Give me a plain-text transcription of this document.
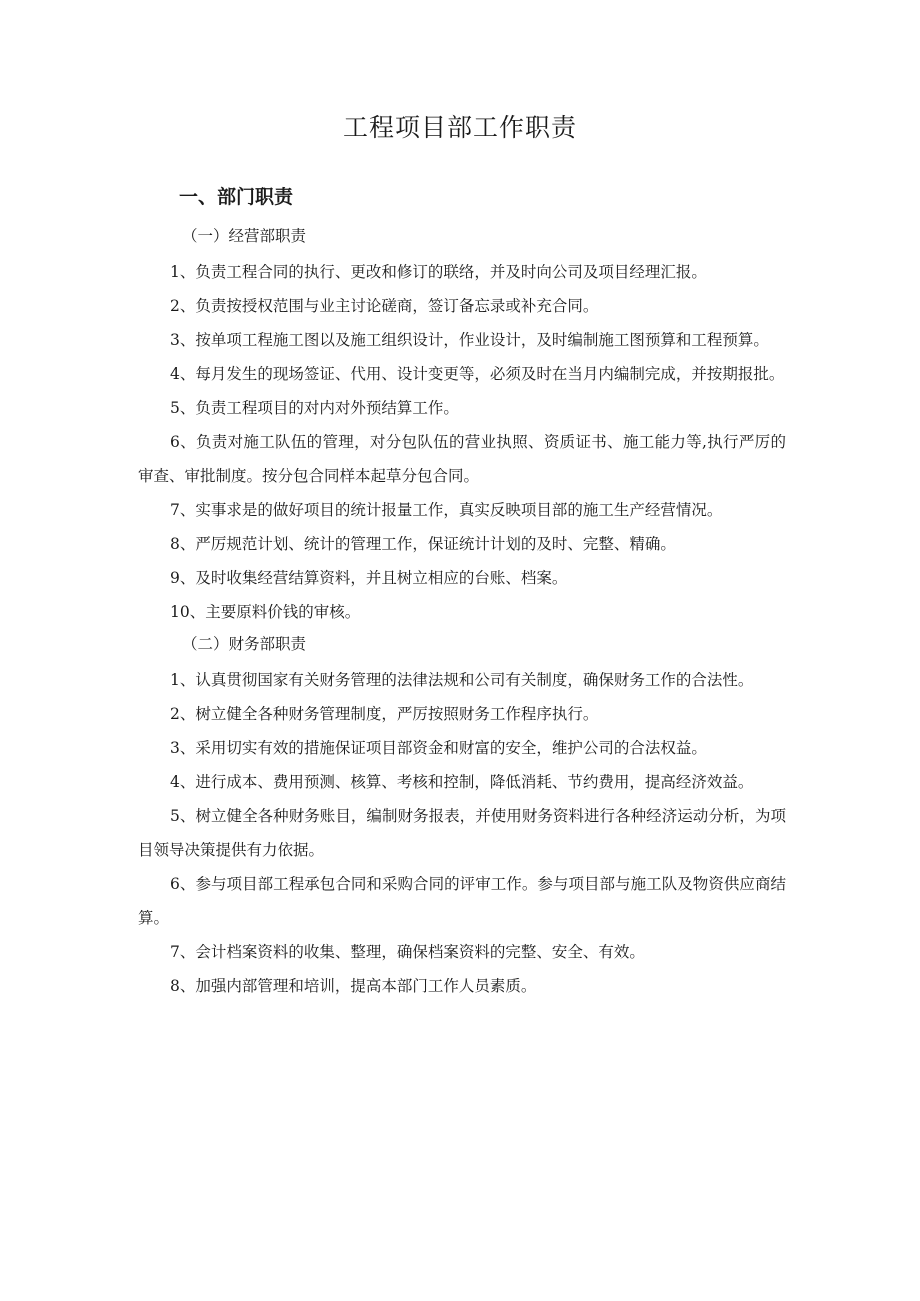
工程项目部工作职责
一、部门职责

（一）经营部职责

1、负责工程合同的执行、更改和修订的联络，并及时向公司及项目经理汇报。

2、负责按授权范围与业主讨论磋商，签订备忘录或补充合同。

3、按单项工程施工图以及施工组织设计，作业设计，及时编制施工图预算和工程预算。

4、每月发生的现场签证、代用、设计变更等，必须及时在当月内编制完成，并按期报批。

5、负责工程项目的对内对外预结算工作。

6、负责对施工队伍的管理，对分包队伍的营业执照、资质证书、施工能力等,执行严厉的审查、审批制度。按分包合同样本起草分包合同。

7、实事求是的做好项目的统计报量工作，真实反映项目部的施工生产经营情况。

8、严厉规范计划、统计的管理工作，保证统计计划的及时、完整、精确。

9、及时收集经营结算资料，并且树立相应的台账、档案。

10、主要原料价钱的审核。

（二）财务部职责

1、认真贯彻国家有关财务管理的法律法规和公司有关制度，确保财务工作的合法性。

2、树立健全各种财务管理制度，严厉按照财务工作程序执行。

3、采用切实有效的措施保证项目部资金和财富的安全，维护公司的合法权益。

4、进行成本、费用预测、核算、考核和控制，降低消耗、节约费用，提高经济效益。

5、树立健全各种财务账目，编制财务报表，并使用财务资料进行各种经济运动分析，为项目领导决策提供有力依据。

6、参与项目部工程承包合同和采购合同的评审工作。参与项目部与施工队及物资供应商结算。

7、会计档案资料的收集、整理，确保档案资料的完整、安全、有效。

8、加强内部管理和培训，提高本部门工作人员素质。
